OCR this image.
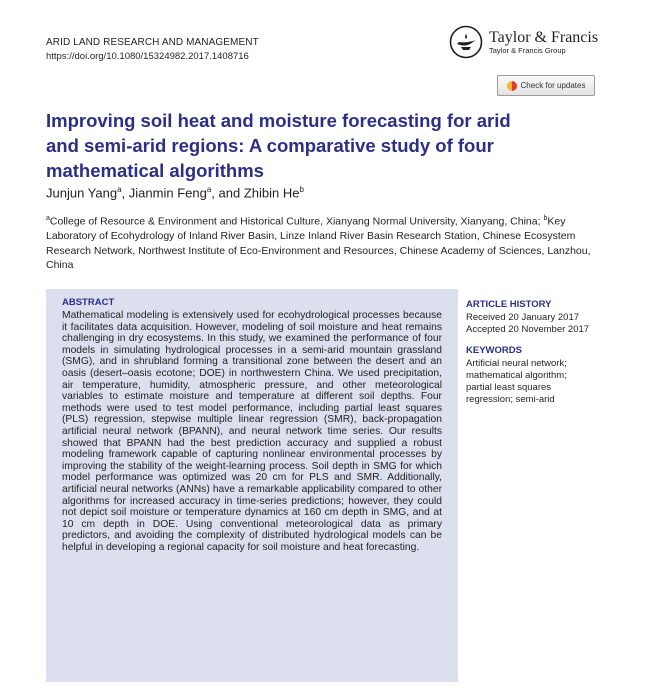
ARID LAND RESEARCH AND MANAGEMENT
https://doi.org/10.1080/15324982.2017.1408716
Taylor & Francis
Taylor & Francis Group
Check for updates
Improving soil heat and moisture forecasting for arid and semi-arid regions: A comparative study of four mathematical algorithms
Junjun Yang$^a$, Jianmin Feng$^a$, and Zhibin He$^b$
$^a$College of Resource & Environment and Historical Culture, Xianyang Normal University, Xianyang, China; $^b$Key Laboratory of Ecohydrology of Inland River Basin, Linze Inland River Basin Research Station, Chinese Ecosystem Research Network, Northwest Institute of Eco-Environment and Resources, Chinese Academy of Sciences, Lanzhou, China
ABSTRACT

Mathematical modeling is extensively used for ecohydrological processes because it facilitates data acquisition. However, modeling of soil moisture and heat remains challenging in dry ecosystems. In this study, we examined the performance of four models in simulating hydrological processes in a semi-arid mountain grassland (SMG), and in shrubland forming a transitional zone between the desert and an oasis (desert–oasis ecotone; DOE) in northwestern China. We used precipitation, air temperature, humidity, atmospheric pressure, and other meteorological variables to estimate moisture and temperature at different soil depths. Four methods were used to test model performance, including partial least squares (PLS) regression, stepwise multiple linear regression (SMR), back-propagation artificial neural network (BPANN), and neural network time series. Our results showed that BPANN had the best prediction accuracy and supplied a robust modeling framework capable of capturing nonlinear environmental processes by improving the stability of the weight-learning process. Soil depth in SMG for which model performance was optimized was 20 cm for PLS and SMR. Additionally, artificial neural networks (ANNs) have a remarkable applicability compared to other algorithms for increased accuracy in time-series predictions; however, they could not depict soil moisture or temperature dynamics at 160 cm depth in SMG, and at 10 cm depth in DOE. Using conventional meteorological data as primary predictors, and avoiding the complexity of distributed hydrological models can be helpful in developing a regional capacity for soil moisture and heat forecasting.

ARTICLE HISTORY
Received 20 January 2017
Accepted 20 November 2017
KEYWORDS
Artificial neural network;
mathematical algorithm;
partial least squares
regression; semi-arid
